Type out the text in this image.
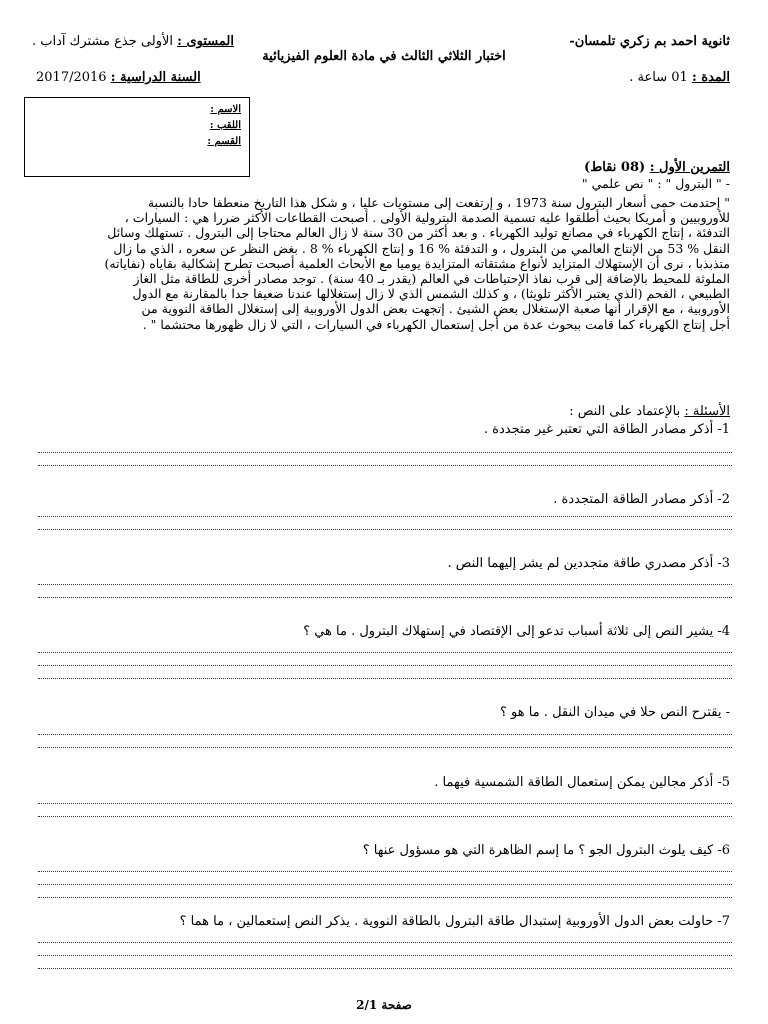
ثانوية احمد بم زكري تلمسان-
المستوى : الأولى جذع مشترك آداب .
اختبار الثلاثي الثالث في مادة العلوم الفيزيائية
المدة : 01 ساعة .
السنة الدراسية : 2017/2016
الاسم :
اللقب :
القسم :
التمرين الأول : (08 نقاط)
- " البترول " : " نص علمي "
" إحتدمت حمى أسعار البترول سنة 1973 ، و إرتفعت إلى مستويات عليا ، و شكل هذا التاريخ منعطفا حادا بالنسبة
للأوروبيين و أمريكا بحيث أطلقوا عليه تسمية الصدمة البترولية الأولى . أصبحت القطاعات الأكثر ضررا هي : السيارات ،
التدفئة ، إنتاج الكهرباء في مصانع توليد الكهرباء . و بعد أكثر من 30 سنة لا زال العالم محتاجا إلى البترول . تستهلك وسائل
النقل % 53 من الإنتاج العالمي من البترول ، و التدفئة % 16 و إنتاج الكهرباء % 8 . بغض النظر عن سعره ، الذي ما زال
متذبذبا ، نرى أن الإستهلاك المتزايد لأنواع مشتقاته المتزايدة يوميا مع الأبحاث العلمية أصبحت تطرح إشكالية بقاياه (نفاياته)
الملوثة للمحيط بالإضافة إلى قرب نفاذ الإحتياطات في العالم (يقدر بـ 40 سنة) . توجد مصادر أخرى للطاقة مثل الغاز
الطبيعي ، الفحم (الذي يعتبر الأكثر تلويثا) ، و كذلك الشمس الذي لا زال إستغلالها عندنا ضعيفا جدا بالمقارنة مع الدول
الأوروبية ، مع الإقرار أنها صعبة الإستغلال بعض الشيئ . إتجهت بعض الدول الأوروبية إلى إستغلال الطاقة النووية من
أجل إنتاج الكهرباء كما قامت ببحوث عدة من أجل إستعمال الكهرباء في السيارات ، التي لا زال ظهورها محتشما " .
الأسئلة : بالإعتماد على النص :
1- أذكر مصادر الطاقة التي تعتبر غير متجددة .
2- أذكر مصادر الطاقة المتجددة .
3- أذكر مصدري طاقة متجددين لم يشر إليهما النص .
4- يشير النص إلى ثلاثة أسباب تدعو إلى الإقتصاد في إستهلاك البترول . ما هي ؟
- يقترح النص حلا في ميدان النقل . ما هو ؟
5- أذكر مجالين يمكن إستعمال الطاقة الشمسية فيهما .
6- كيف يلوث البترول الجو ؟ ما إسم الظاهرة التي هو مسؤول عنها ؟
7- حاولت بعض الدول الأوروبية إستبدال طاقة البترول بالطاقة النووية . يذكر النص إستعمالين ، ما هما ؟
صفحة 2/1
